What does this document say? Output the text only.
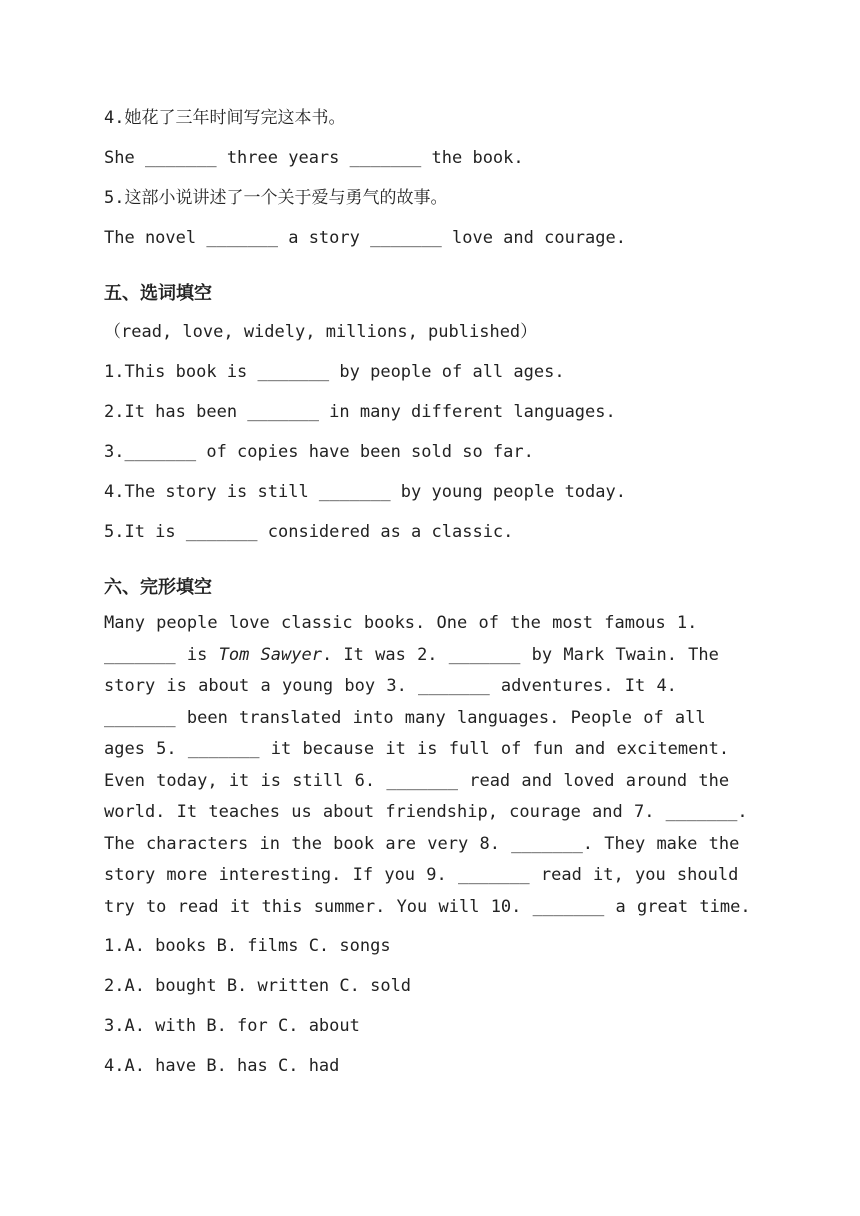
4.她花了三年时间写完这本书。
She _______ three years _______ the book.
5.这部小说讲述了一个关于爱与勇气的故事。
The novel _______ a story _______ love and courage.
五、选词填空
（read, love, widely, millions, published）
1.This book is _______ by people of all ages.
2.It has been _______ in many different languages.
3._______ of copies have been sold so far.
4.The story is still _______ by young people today.
5.It is _______ considered as a classic.
六、完形填空
Many people love classic books. One of the most famous 1. _______ is Tom Sawyer. It was 2. _______ by Mark Twain. The story is about a young boy 3. _______ adventures. It 4. _______ been translated into many languages. People of all ages 5. _______ it because it is full of fun and excitement. Even today, it is still 6. _______ read and loved around the world. It teaches us about friendship, courage and 7. _______. The characters in the book are very 8. _______. They make the story more interesting. If you 9. _______ read it, you should try to read it this summer. You will 10. _______ a great time.
1.A. books B. films C. songs
2.A. bought B. written C. sold
3.A. with B. for C. about
4.A. have B. has C. had
